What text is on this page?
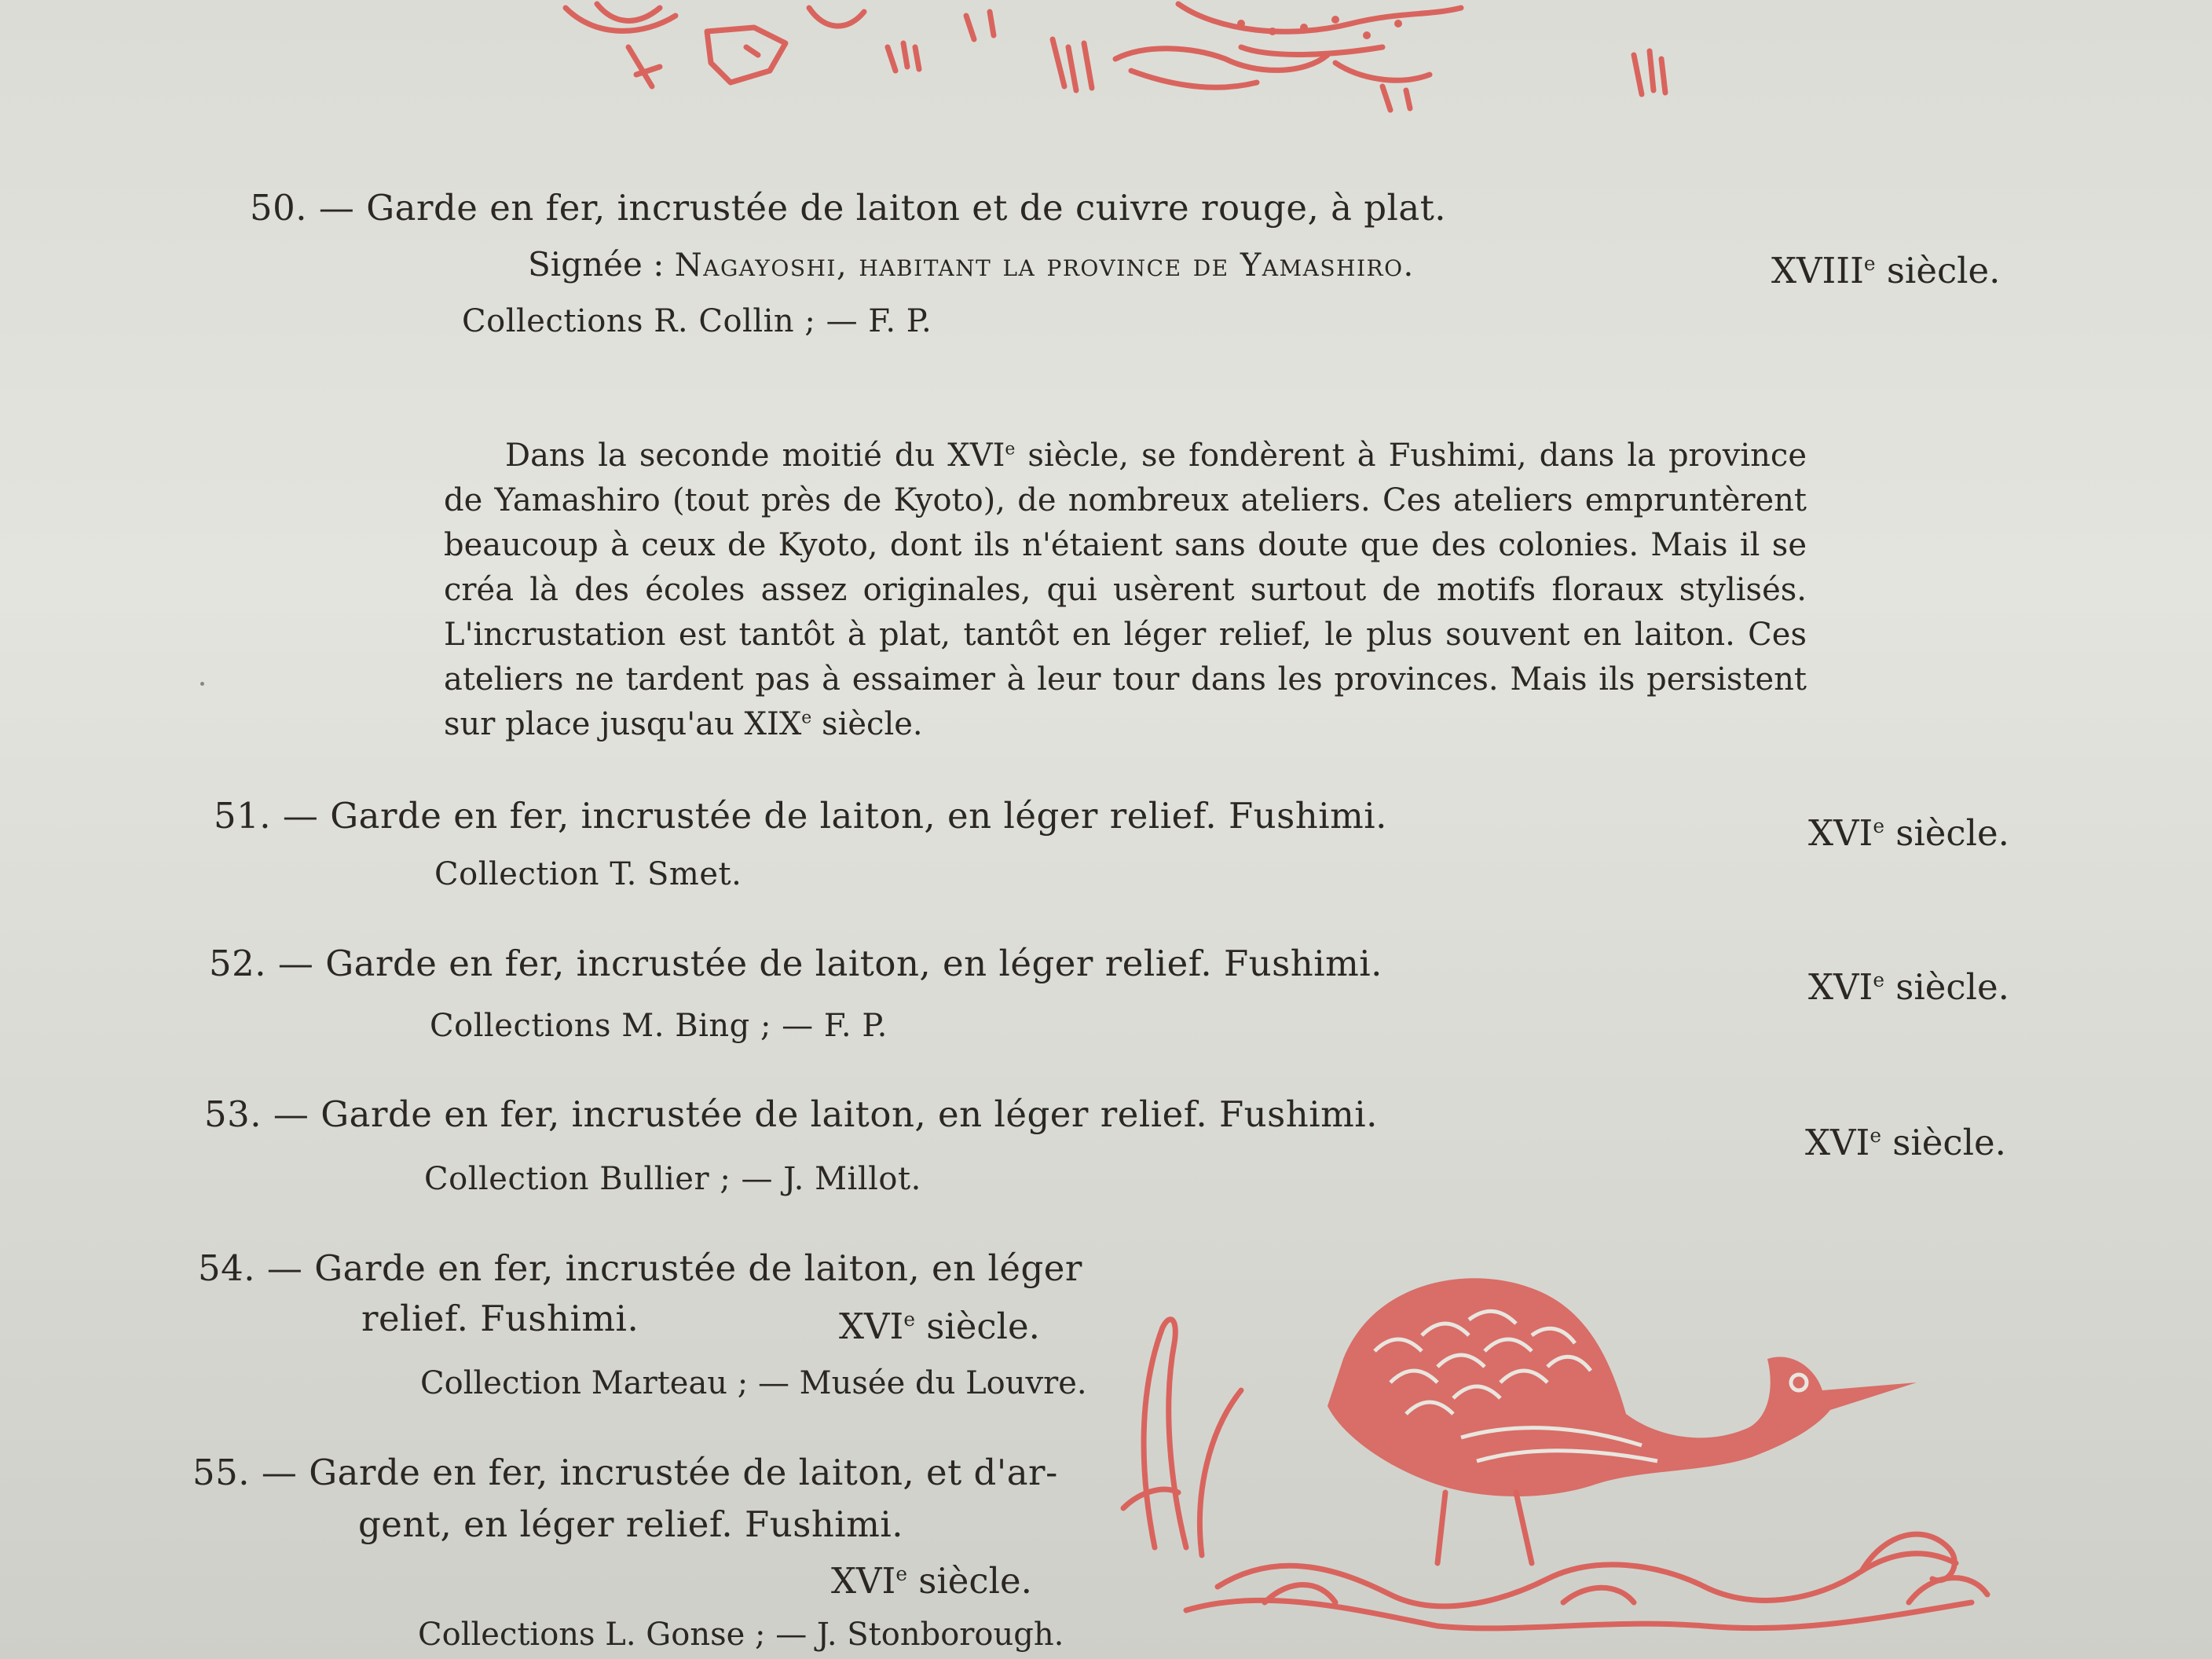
50. — Garde en fer, incrustée de laiton et de cuivre rouge, à plat.
Signée : Nagayoshi, habitant la province de Yamashiro.	XVIIIe siècle.
Collections R. Collin ; — F. P.

Dans la seconde moitié du XVIe siècle, se fondèrent à Fushimi, dans la province de Yamashiro (tout près de Kyoto), de nombreux ateliers. Ces ateliers empruntèrent beaucoup à ceux de Kyoto, dont ils n'étaient sans doute que des colonies. Mais il se créa là des écoles assez originales, qui usèrent surtout de motifs floraux stylisés. L'incrustation est tantôt à plat, tantôt en léger relief, le plus souvent en laiton. Ces ateliers ne tardent pas à essaimer à leur tour dans les provinces. Mais ils persistent sur place jusqu'au XIXe siècle.

51. — Garde en fer, incrustée de laiton, en léger relief. Fushimi.	XVIe siècle.
Collection T. Smet.
52. — Garde en fer, incrustée de laiton, en léger relief. Fushimi.
XVIe siècle.
Collections M. Bing ; — F. P.
53. — Garde en fer, incrustée de laiton, en léger relief. Fushimi.
XVIe siècle.
Collection Bullier ; — J. Millot.
54. — Garde en fer, incrustée de laiton, en léger
relief. Fushimi.	XVIe siècle.
Collection Marteau ; — Musée du Louvre.
55. — Garde en fer, incrustée de laiton, et d'ar-
gent, en léger relief. Fushimi.
XVIe siècle.
Collections L. Gonse ; — J. Stonborough.
